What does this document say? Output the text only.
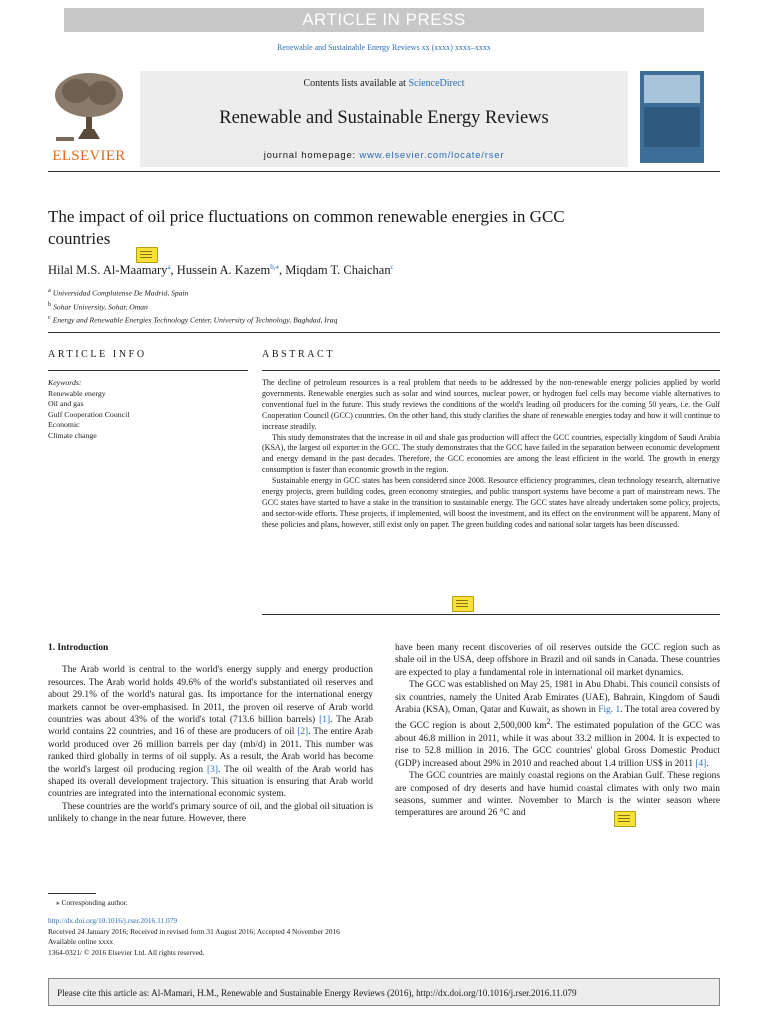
ARTICLE IN PRESS
Renewable and Sustainable Energy Reviews xx (xxxx) xxxx–xxxx
ELSEVIER
Contents lists available at ScienceDirect
Renewable and Sustainable Energy Reviews
journal homepage: www.elsevier.com/locate/rser
The impact of oil price fluctuations on common renewable energies in GCC
countries
Hilal M.S. Al-Maamary$^a$, Hussein A. Kazem$^{b,⁎}$, Miqdam T. Chaichan$^c$
$^a$ Universidad Complutense De Madrid, Spain
$^b$ Sohar University, Sohar, Oman
$^c$ Energy and Renewable Energies Technology Center, University of Technology, Baghdad, Iraq
ARTICLE INFO	ABSTRACT
Keywords:
Renewable energy
Oil and gas
Gulf Cooperation Council
Economic
Climate change

The decline of petroleum resources is a real problem that needs to be addressed by the non-renewable energy policies applied by world governments. Renewable energies such as solar and wind sources, nuclear power, or hydrogen fuel cells may become viable alternatives to conventional fuel in the future. This study reviews the conditions of the world's leading oil producers for the coming 50 years, i.e. the Gulf Cooperation Council (GCC) countries. On the other hand, this study clarifies the share of renewable energies today and how it will continue to increase steadily.

This study demonstrates that the increase in oil and shale gas production will affect the GCC countries, especially kingdom of Saudi Arabia (KSA), the largest oil exporter in the GCC. The study demonstrates that the GCC have failed in the separation between economic development and energy demand in the past decades. Therefore, the GCC economies are among the least efficient in the world. The growth in energy consumption is faster than economic growth in the region.

Sustainable energy in GCC states has been considered since 2008. Resource efficiency programmes, clean technology research, alternative energy projects, green building codes, green economy strategies, and public transport systems have become a part of mainstream news. The GCC states have started to have a stake in the transition to sustainable energy. The GCC states have already undertaken some policy, projects, and sector-wide efforts. These projects, if implemented, will boost the investment, and its effect on the environment will be apparent. Many of these policies and plans, however, still exist only on paper. The green building codes and national solar targets has been discussed.

1. Introduction

The Arab world is central to the world's energy supply and energy production resources. The Arab world holds 49.6% of the world's substantiated oil reserves and about 29.1% of the world's natural gas. Its importance for the international energy markets cannot be over-emphasised. In 2011, the proven oil reserve of Arab world countries was about 43% of the world's total (713.6 billion barrels) [1]. The Arab world contains 22 countries, and 16 of these are producers of oil [2]. The entire Arab world produced over 26 million barrels per day (mb/d) in 2011. This number was ranked third globally in terms of oil supply. As a result, the Arab world has become the world's largest oil producing region [3]. The oil wealth of the Arab world has shaped its overall development trajectory. This situation is ensuring that Arab world countries are integrated into the international economic system.

These countries are the world's primary source of oil, and the global oil situation is unlikely to change in the near future. However, there

have been many recent discoveries of oil reserves outside the GCC region such as shale oil in the USA, deep offshore in Brazil and oil sands in Canada. These countries are expected to play a fundamental role in international oil market dynamics.

The GCC was established on May 25, 1981 in Abu Dhabi. This council consists of six countries, namely the United Arab Emirates (UAE), Bahrain, Kingdom of Saudi Arabia (KSA), Oman, Qatar and Kuwait, as shown in Fig. 1. The total area covered by the GCC region is about 2,500,000 $km^2$. The estimated population of the GCC was about 46.8 million in 2011, while it was about 33.2 million in 2004. It is expected to rise to 52.8 million in 2016. The GCC countries' global Gross Domestic Product (GDP) increased about 29% in 2010 and reached about 1.4 trillion US$ in 2011 [4].

The GCC countries are mainly coastal regions on the Arabian Gulf. These regions are composed of dry deserts and have humid coastal climates with only two main seasons, summer and winter. November to March is the winter season where temperatures are around 26 °C and

⁎ Corresponding author.
http://dx.doi.org/10.1016/j.rser.2016.11.079
Received 24 January 2016; Received in revised form 31 August 2016; Accepted 4 November 2016
Available online xxxx
1364-0321/ © 2016 Elsevier Ltd. All rights reserved.
Please cite this article as: Al-Mamari, H.M., Renewable and Sustainable Energy Reviews (2016), http://dx.doi.org/10.1016/j.rser.2016.11.079
